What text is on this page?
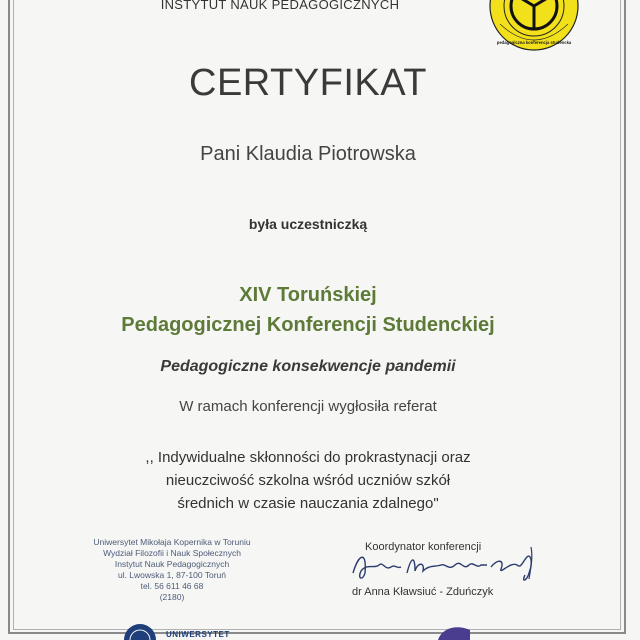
INSTYTUT NAUK PEDAGOGICZNYCH
pedagogiczna konferencja studencka
CERTYFIKAT
Pani Klaudia Piotrowska
była uczestniczką
XIV Toruńskiej
Pedagogicznej Konferencji Studenckiej
Pedagogiczne konsekwencje pandemii
W ramach konferencji wygłosiła referat
,, Indywidualne skłonności do prokrastynacji oraz
nieuczciwość szkolna wśród uczniów szkół
średnich w czasie nauczania zdalnego"
Uniwersytet Mikołaja Kopernika w Toruniu
Wydział Filozofii i Nauk Społecznych
Instytut Nauk Pedagogicznych
ul. Lwowska 1, 87-100 Toruń
tel. 56 611 46 68
(2180)
Koordynator konferencji
dr Anna Kławsiuć - Zduńczyk
UNIWERSYTET
